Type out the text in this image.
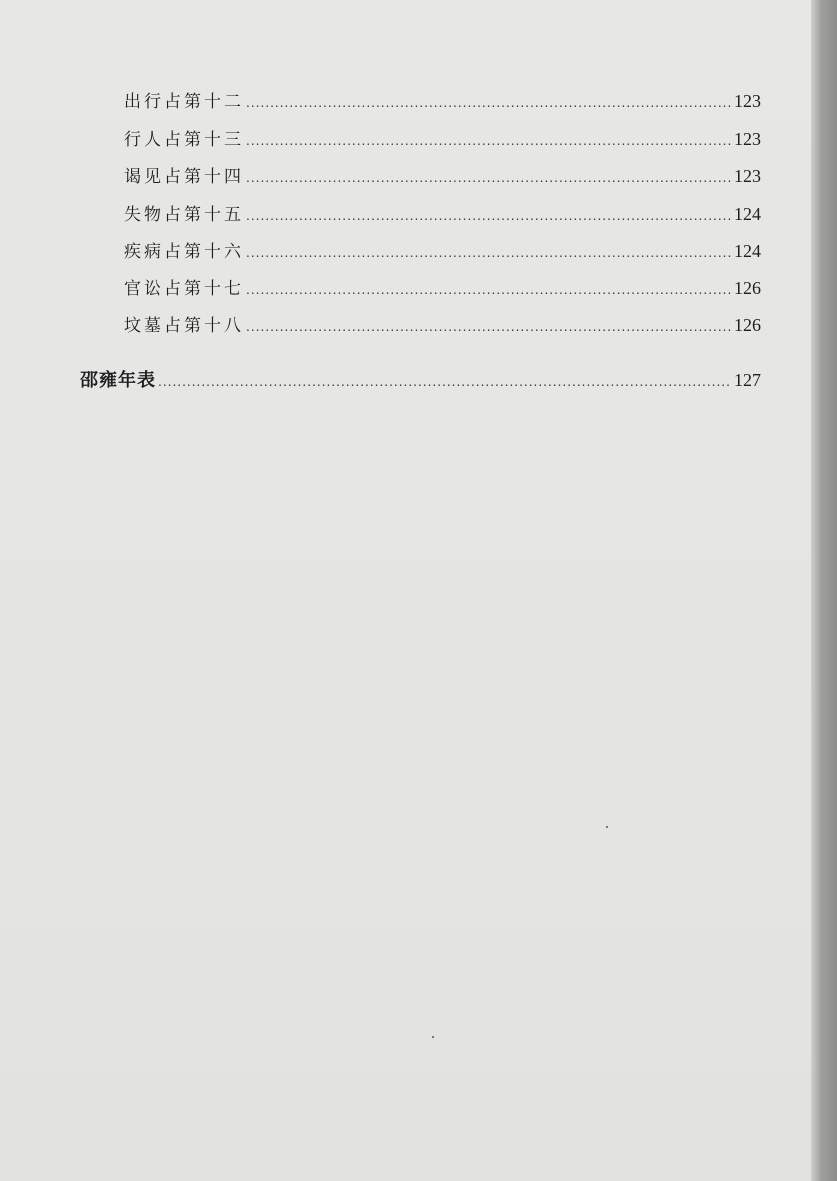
出行占第十二 .....	123
行人占第十三 .....	123
谒见占第十四 .....	123
失物占第十五 .....	124
疾病占第十六 .....	124
官讼占第十七 .....	126
坟墓占第十八 .....	126
邵雍年表 .....	127
